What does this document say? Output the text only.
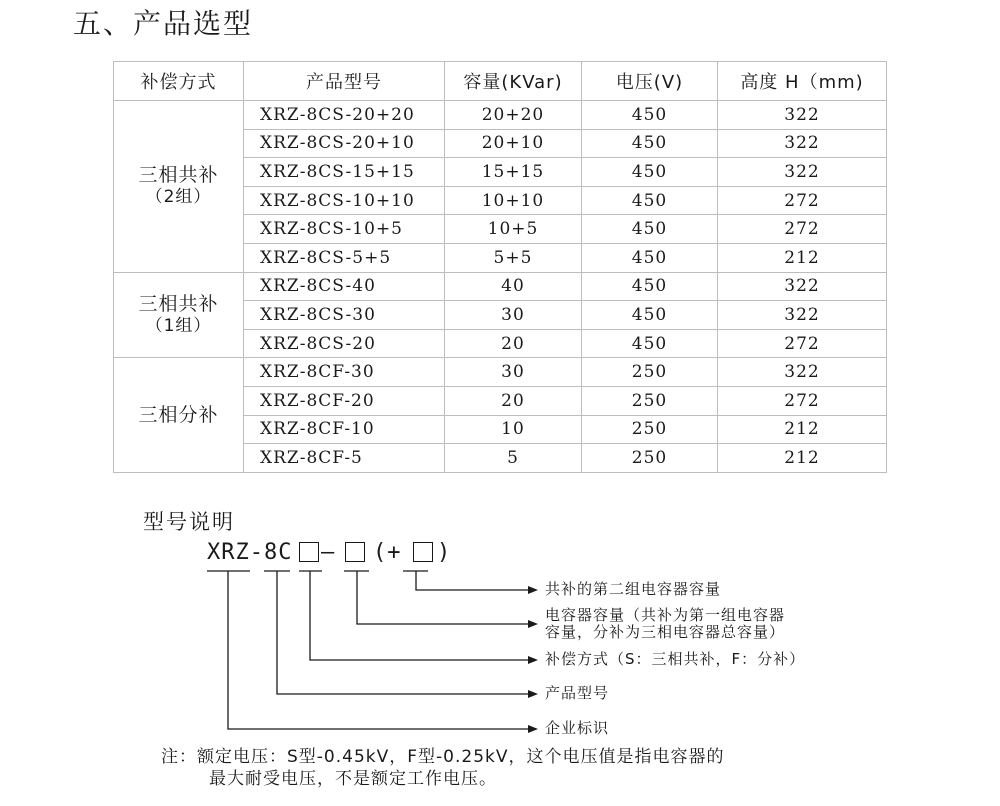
五、产品选型
补偿方式	产品型号	容量(KVar)	电压(V)	高度 H（mm)
三相共补
（2组）	XRZ-8CS-20+20	20+20	450	322
	XRZ-8CS-20+10	20+10	450	322
	XRZ-8CS-15+15	15+15	450	322
	XRZ-8CS-10+10	10+10	450	272
	XRZ-8CS-10+5	10+5	450	272
	XRZ-8CS-5+5	5+5	450	212
三相共补
（1组）	XRZ-8CS-40	40	450	322
	XRZ-8CS-30	30	450	322
	XRZ-8CS-20	20	450	272
三相分补	XRZ-8CF-30	30	250	322
	XRZ-8CF-20	20	250	272
	XRZ-8CF-10	10	250	212
	XRZ-8CF-5	5	250	212
型号说明
XRZ-8C — (+ )
共补的第二组电容器容量
电容器容量（共补为第一组电容器
容量，分补为三相电容器总容量）
补偿方式（S：三相共补，F：分补）
产品型号
企业标识
注：额定电压：S型-0.45kV，F型-0.25kV，这个电压值是指电容器的
最大耐受电压，不是额定工作电压。
